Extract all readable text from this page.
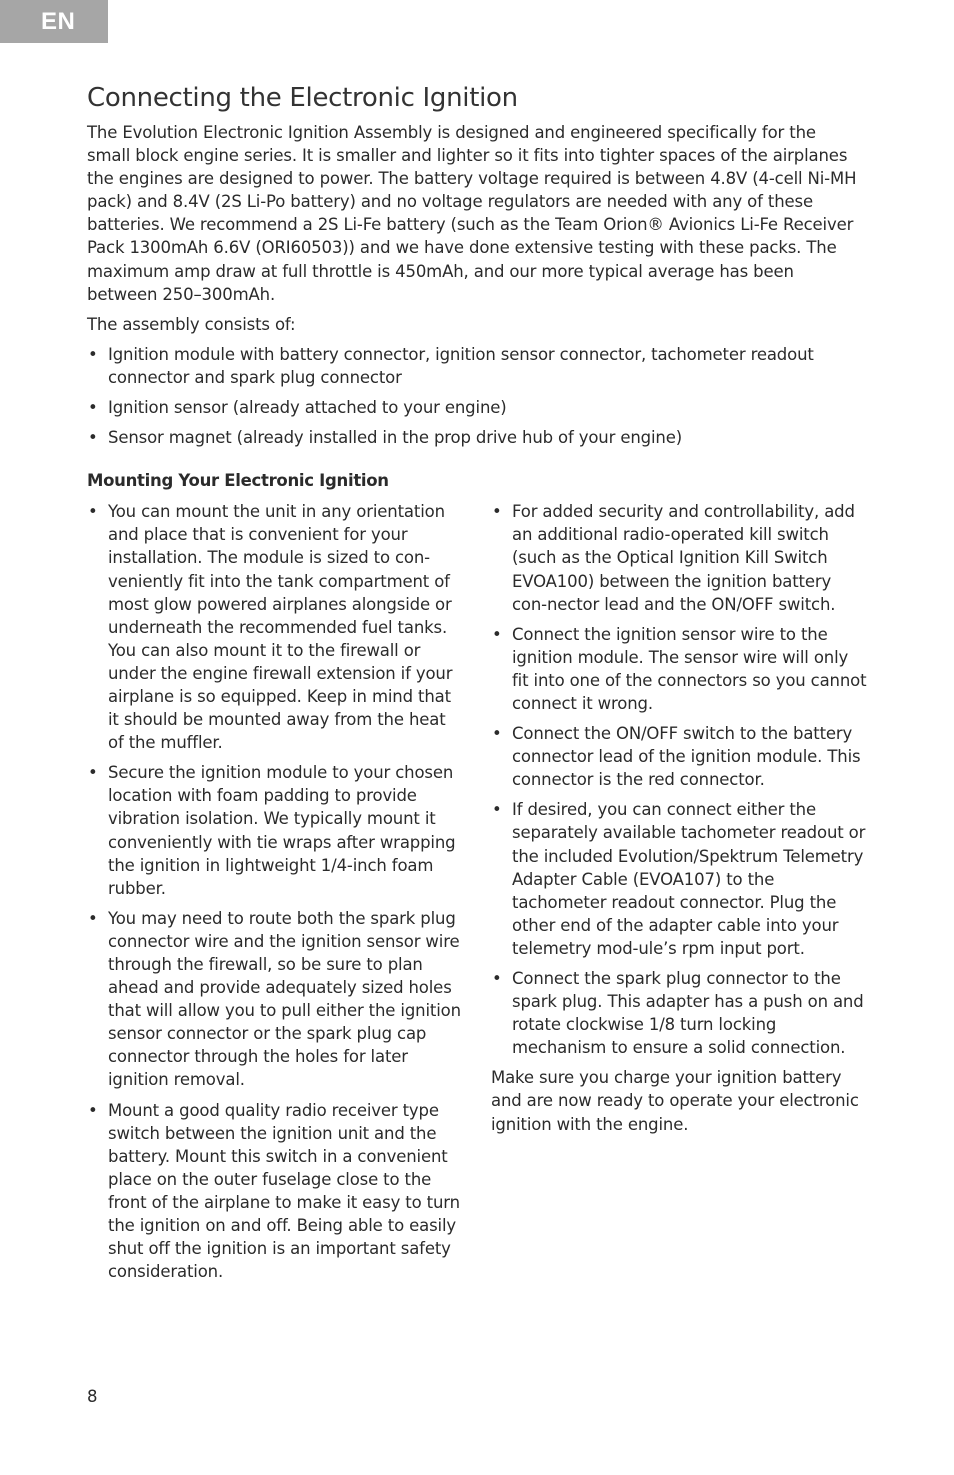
EN
Connecting the Electronic Ignition

The Evolution Electronic Ignition Assembly is designed and engineered specifically for the small block engine series. It is smaller and lighter so it fits into tighter spaces of the airplanes the engines are designed to power. The battery voltage required is between 4.8V (4-cell Ni-MH pack) and 8.4V (2S Li-Po battery) and no voltage regulators are needed with any of these batteries. We recommend a 2S Li-Fe battery (such as the Team Orion® Avionics Li-Fe Receiver Pack 1300mAh 6.6V (ORI60503)) and we have done extensive testing with these packs. The maximum amp draw at full throttle is 450mAh, and our more typical average has been between 250–300mAh.

The assembly consists of:

• Ignition module with battery connector, ignition sensor connector, tachometer readout connector and spark plug connector
• Ignition sensor (already attached to your engine)
• Sensor magnet (already installed in the prop drive hub of your engine)
Mounting Your Electronic Ignition
• You can mount the unit in any orientation and place that is convenient for your installation. The module is sized to con-veniently fit into the tank compartment of most glow powered airplanes alongside or underneath the recommended fuel tanks. You can also mount it to the firewall or under the engine firewall extension if your airplane is so equipped. Keep in mind that it should be mounted away from the heat of the muffler.
• Secure the ignition module to your chosen location with foam padding to provide vibration isolation. We typically mount it conveniently with tie wraps after wrapping the ignition in lightweight 1/4-inch foam rubber.
• You may need to route both the spark plug connector wire and the ignition sensor wire through the firewall, so be sure to plan ahead and provide adequately sized holes that will allow you to pull either the ignition sensor connector or the spark plug cap connector through the holes for later ignition removal.
• Mount a good quality radio receiver type switch between the ignition unit and the battery. Mount this switch in a convenient place on the outer fuselage close to the front of the airplane to make it easy to turn the ignition on and off. Being able to easily shut off the ignition is an important safety consideration.
• For added security and controllability, add an additional radio-operated kill switch (such as the Optical Ignition Kill Switch EVOA100) between the ignition battery con-nector lead and the ON/OFF switch.
• Connect the ignition sensor wire to the ignition module. The sensor wire will only fit into one of the connectors so you cannot connect it wrong.
• Connect the ON/OFF switch to the battery connector lead of the ignition module. This connector is the red connector.
• If desired, you can connect either the separately available tachometer readout or the included Evolution/Spektrum Telemetry Adapter Cable (EVOA107) to the tachometer readout connector. Plug the other end of the adapter cable into your telemetry mod-ule’s rpm input port.
• Connect the spark plug connector to the spark plug. This adapter has a push on and rotate clockwise 1/8 turn locking mechanism to ensure a solid connection.

Make sure you charge your ignition battery and are now ready to operate your electronic ignition with the engine.

8
